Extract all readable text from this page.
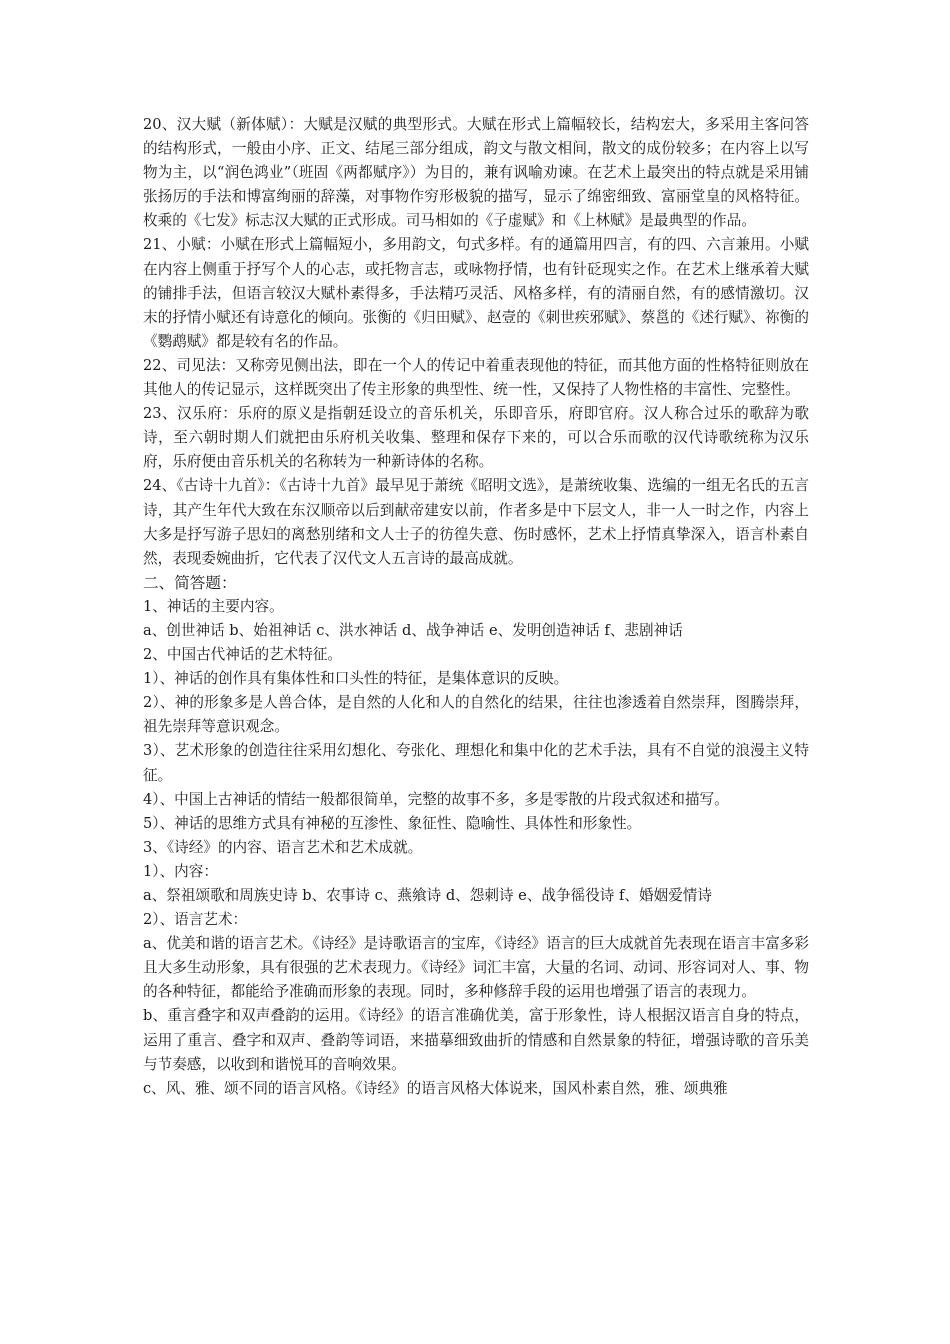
20、汉大赋（新体赋）：大赋是汉赋的典型形式。大赋在形式上篇幅较长，结构宏大，多采用主客问答的结构形式，一般由小序、正文、结尾三部分组成，韵文与散文相间，散文的成份较多；在内容上以写物为主，以“润色鸿业”（班固《两都赋序》）为目的，兼有讽喻劝谏。在艺术上最突出的特点就是采用铺张扬厉的手法和博富绚丽的辞藻，对事物作穷形极貌的描写，显示了绵密细致、富丽堂皇的风格特征。枚乘的《七发》标志汉大赋的正式形成。司马相如的《子虚赋》和《上林赋》是最典型的作品。

21、小赋：小赋在形式上篇幅短小，多用韵文，句式多样。有的通篇用四言，有的四、六言兼用。小赋在内容上侧重于抒写个人的心志，或托物言志，或咏物抒情，也有针砭现实之作。在艺术上继承着大赋的铺排手法，但语言较汉大赋朴素得多，手法精巧灵活、风格多样，有的清丽自然，有的感情激切。汉末的抒情小赋还有诗意化的倾向。张衡的《归田赋》、赵壹的《刺世疾邪赋》、蔡邕的《述行赋》、祢衡的《鹦鹉赋》都是较有名的作品。

22、司见法：又称旁见侧出法，即在一个人的传记中着重表现他的特征，而其他方面的性格特征则放在其他人的传记显示，这样既突出了传主形象的典型性、统一性，又保持了人物性格的丰富性、完整性。

23、汉乐府：乐府的原义是指朝廷设立的音乐机关，乐即音乐，府即官府。汉人称合过乐的歌辞为歌诗，至六朝时期人们就把由乐府机关收集、整理和保存下来的，可以合乐而歌的汉代诗歌统称为汉乐府，乐府便由音乐机关的名称转为一种新诗体的名称。

24、《古诗十九首》：《古诗十九首》最早见于萧统《昭明文选》，是萧统收集、选编的一组无名氏的五言诗，其产生年代大致在东汉顺帝以后到献帝建安以前，作者多是中下层文人，非一人一时之作，内容上大多是抒写游子思妇的离愁别绪和文人士子的彷徨失意、伤时感怀，艺术上抒情真挚深入，语言朴素自然，表现委婉曲折，它代表了汉代文人五言诗的最高成就。

二、简答题：

1、神话的主要内容。

a、创世神话 b、始祖神话 c、洪水神话 d、战争神话 e、发明创造神话 f、悲剧神话

2、中国古代神话的艺术特征。

1）、神话的创作具有集体性和口头性的特征，是集体意识的反映。

2）、神的形象多是人兽合体，是自然的人化和人的自然化的结果，往往也渗透着自然崇拜，图腾崇拜，祖先崇拜等意识观念。

3）、艺术形象的创造往往采用幻想化、夸张化、理想化和集中化的艺术手法，具有不自觉的浪漫主义特征。

4）、中国上古神话的情结一般都很简单，完整的故事不多，多是零散的片段式叙述和描写。

5）、神话的思维方式具有神秘的互渗性、象征性、隐喻性、具体性和形象性。

3、《诗经》的内容、语言艺术和艺术成就。

1）、内容：

a、祭祖颂歌和周族史诗 b、农事诗 c、燕飨诗 d、怨刺诗 e、战争徭役诗 f、婚姻爱情诗

2）、语言艺术：

a、优美和谐的语言艺术。《诗经》是诗歌语言的宝库，《诗经》语言的巨大成就首先表现在语言丰富多彩且大多生动形象，具有很强的艺术表现力。《诗经》词汇丰富，大量的名词、动词、形容词对人、事、物的各种特征，都能给予准确而形象的表现。同时，多种修辞手段的运用也增强了语言的表现力。

b、重言叠字和双声叠韵的运用。《诗经》的语言准确优美，富于形象性，诗人根据汉语言自身的特点，运用了重言、叠字和双声、叠韵等词语，来描摹细致曲折的情感和自然景象的特征，增强诗歌的音乐美与节奏感，以收到和谐悦耳的音响效果。

c、风、雅、颂不同的语言风格。《诗经》的语言风格大体说来，国风朴素自然，雅、颂典雅
